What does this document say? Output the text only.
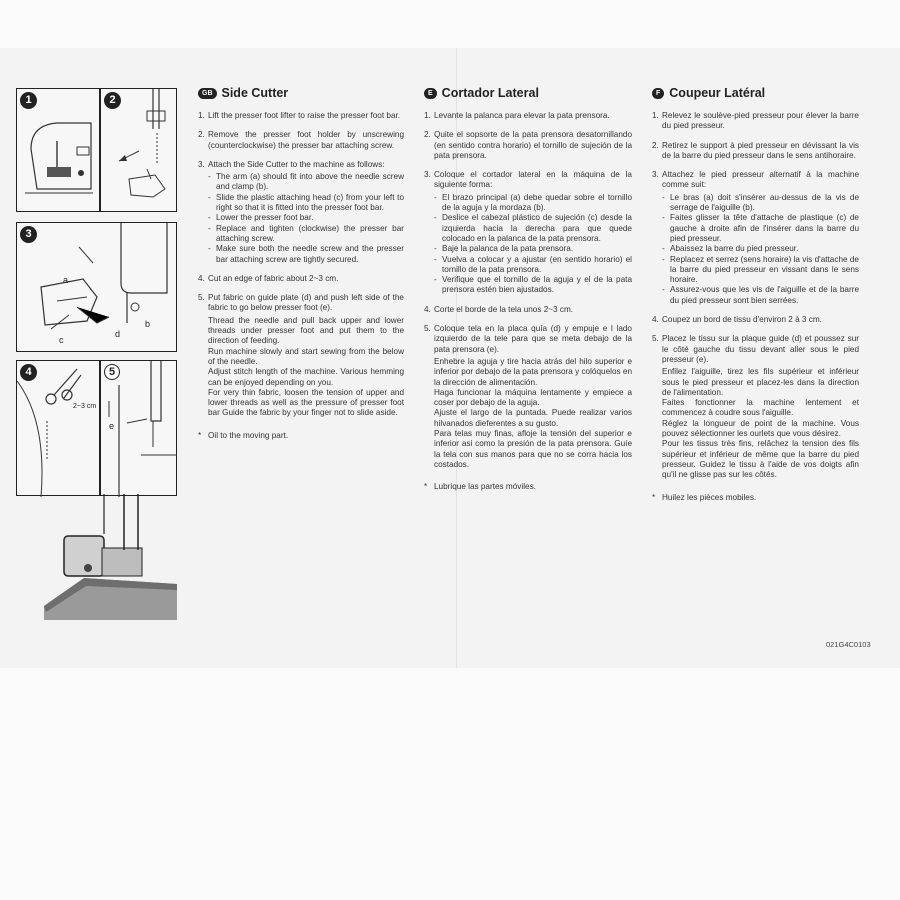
1	2
3
a
b
c
d
4	5
2~3 cm
e
GB Side Cutter
1. Lift the presser foot lifter to raise the presser foot bar.
2. Remove the presser foot holder by unscrewing (counterclockwise) the presser bar attaching screw.
3. Attach the Side Cutter to the machine as follows:
- The arm (a) should fit into above the needle screw and clamp (b).
- Slide the plastic attaching head (c) from your left to right so that it is fitted into the presser foot bar.
- Lower the presser foot bar.
- Replace and tighten (clockwise) the presser bar attaching screw.
- Make sure both the needle screw and the presser bar attaching screw are tightly secured.
4. Cut an edge of fabric about 2~3 cm.
5. Put fabric on guide plate (d) and push left side of the fabric to go below presser foot (e).
Thread the needle and pull back upper and lower threads under presser foot and put them to the direction of feeding.
Run machine slowly and start sewing from the below of the needle.
Adjust stitch length of the machine. Various hemming can be enjoyed depending on you.
For very thin fabric, loosen the tension of upper and lower threads as well as the pressure of presser foot bar Guide the fabric by your finger not to slide aside.
* Oil to the moving part.
E Cortador Lateral
1. Levante la palanca para elevar la pata prensora.
2. Quite el sopsorte de la pata prensora desatornillando (en sentido contra horario) el tornillo de sujeción de la pata prensora.
3. Coloque el cortador lateral en la máquina de la siguiente forma:
- El brazo principal (a) debe quedar sobre el tornillo de la aguja y la mordaza (b).
- Deslice el cabezal plástico de sujeción (c) desde la izquierda hacia la derecha para que quede colocado en la palanca de la pata prensora.
- Baje la palanca de la pata prensora.
- Vuelva a colocar y a ajustar (en sentido horario) el tornillo de la pata prensora.
- Verifique que el tornillo de la aguja y el de la pata prensora estén bien ajustados.
4. Corte el borde de la tela unos 2~3 cm.
5. Coloque tela en la placa quía (d) y empuje e l lado izquierdo de la tele para que se meta debajo de la pata prensora (e).
Enhebre la aguja y tire hacia atrás del hilo superior e inferior por debajo de la pata prensora y colóquelos en la dirección de alimentación.
Haga funcionar la máquina lentamente y empiece a coser por debajo de la aguja.
Ajuste el largo de la puntada. Puede realizar varios hilvanados dieferentes a su gusto.
Para telas muy finas, afloje la tensión del superior e inferior asi como la presión de la pata prensora. Guíe la tela con sus manos para que no se corra hacia los costados.
* Lubrique las partes móviles.
F Coupeur Latéral
1. Relevez le soulève-pied presseur pour élever la barre du pied presseur.
2. Retirez le support à pied presseur en dévissant la vis de la barre du pied presseur dans le sens antihoraire.
3. Attachez le pied presseur alternatif à la machine comme suit:
- Le bras (a) doit s'insérer au-dessus de la vis de serrage de l'aiguille (b).
- Faites glisser la tête d'attache de plastique (c) de gauche à droite afin de l'insérer dans la barre du pied presseur.
- Abaissez la barre du pied presseur.
- Replacez et serrez (sens horaire) la vis d'attache de la barre du pied presseur en vissant dans le sens horaire.
- Assurez-vous que les vis de l'aiguille et de la barre du pied presseur sont bien serrées.
4. Coupez un bord de tissu d'environ 2 à 3 cm.
5. Placez le tissu sur la plaque guide (d) et poussez sur le côté gauche du tissu devant aller sous le pied presseur (e).
Enfilez l'aiguille, tirez les fils supérieur et inférieur sous le pied presseur et placez-les dans la direction de l'alimentation.
Faites fonctionner la machine lentement et commencez à coudre sous l'aiguille.
Réglez la longueur de point de la machine. Vous pouvez sélectionner les ourlets que vous désirez.
Pour les tissus très fins, relâchez la tension des fils supérieur et inférieur de même que la barre du pied presseur. Guidez le tissu à l'aide de vos doigts afin qu'il ne glisse pas sur les côtés.
* Huilez les pièces mobiles.
021G4C0103
